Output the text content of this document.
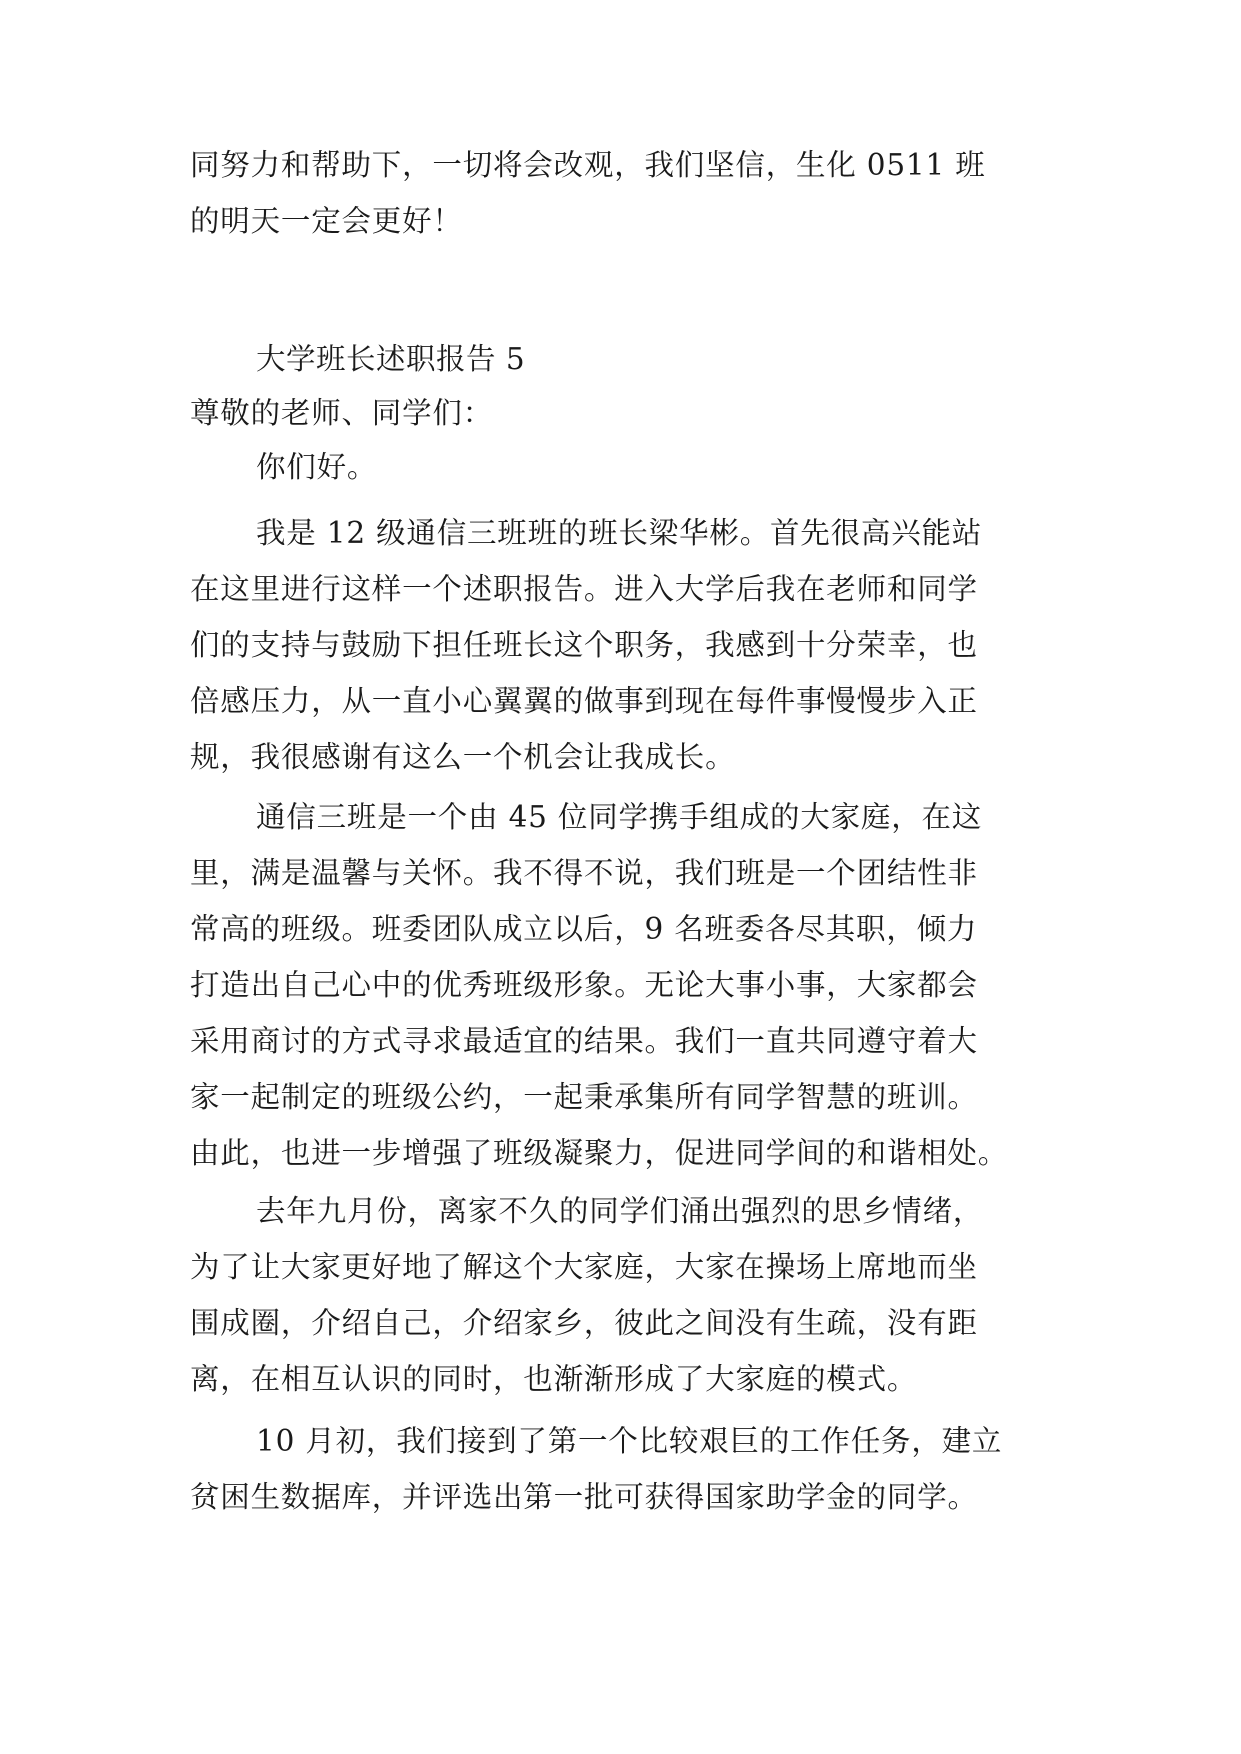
同努力和帮助下，一切将会改观，我们坚信，生化 0511 班
的明天一定会更好！
大学班长述职报告 5
尊敬的老师、同学们：
你们好。
我是 12 级通信三班班的班长梁华彬。首先很高兴能站
在这里进行这样一个述职报告。进入大学后我在老师和同学
们的支持与鼓励下担任班长这个职务，我感到十分荣幸，也
倍感压力，从一直小心翼翼的做事到现在每件事慢慢步入正
规，我很感谢有这么一个机会让我成长。
通信三班是一个由 45 位同学携手组成的大家庭，在这
里，满是温馨与关怀。我不得不说，我们班是一个团结性非
常高的班级。班委团队成立以后，9 名班委各尽其职，倾力
打造出自己心中的优秀班级形象。无论大事小事，大家都会
采用商讨的方式寻求最适宜的结果。我们一直共同遵守着大
家一起制定的班级公约，一起秉承集所有同学智慧的班训。
由此，也进一步增强了班级凝聚力，促进同学间的和谐相处。
去年九月份，离家不久的同学们涌出强烈的思乡情绪，
为了让大家更好地了解这个大家庭，大家在操场上席地而坐
围成圈，介绍自己，介绍家乡，彼此之间没有生疏，没有距
离，在相互认识的同时，也渐渐形成了大家庭的模式。
10 月初，我们接到了第一个比较艰巨的工作任务，建立
贫困生数据库，并评选出第一批可获得国家助学金的同学。
